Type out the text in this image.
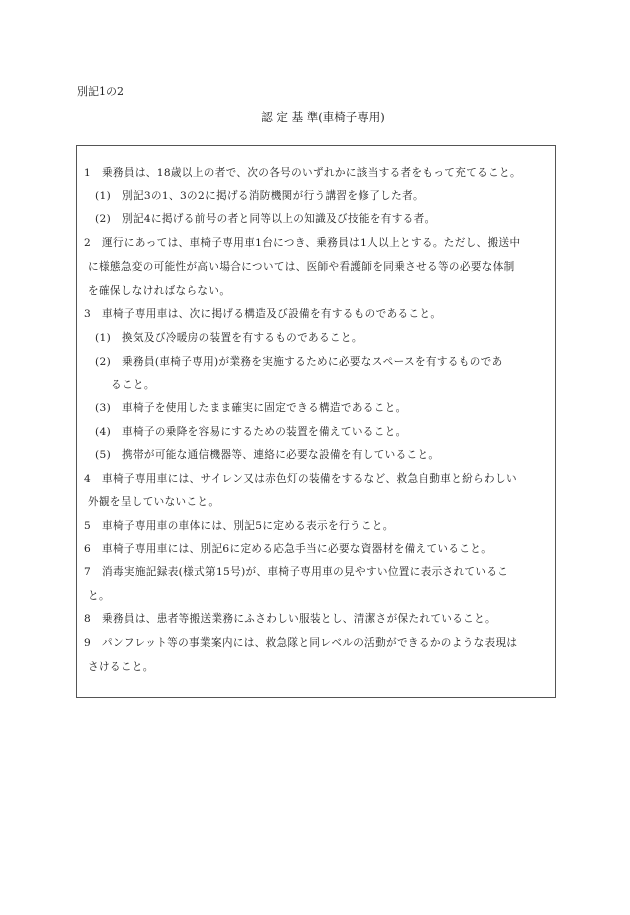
別記1の2
認 定 基 準(車椅子専用)
1　乗務員は、18歳以上の者で、次の各号のいずれかに該当する者をもって充てること。
(1)　別記3の1、3の2に掲げる消防機関が行う講習を修了した者。
(2)　別記4に掲げる前号の者と同等以上の知識及び技能を有する者。
2　運行にあっては、車椅子専用車1台につき、乗務員は1人以上とする。ただし、搬送中
に様態急変の可能性が高い場合については、医師や看護師を同乗させる等の必要な体制
を確保しなければならない。
3　車椅子専用車は、次に掲げる構造及び設備を有するものであること。
(1)　換気及び冷暖房の装置を有するものであること。
(2)　乗務員(車椅子専用)が業務を実施するために必要なスペースを有するものであ
ること。
(3)　車椅子を使用したまま確実に固定できる構造であること。
(4)　車椅子の乗降を容易にするための装置を備えていること。
(5)　携帯が可能な通信機器等、連絡に必要な設備を有していること。
4　車椅子専用車には、サイレン又は赤色灯の装備をするなど、救急自動車と紛らわしい
外観を呈していないこと。
5　車椅子専用車の車体には、別記5に定める表示を行うこと。
6　車椅子専用車には、別記6に定める応急手当に必要な資器材を備えていること。
7　消毒実施記録表(様式第15号)が、車椅子専用車の見やすい位置に表示されているこ
と。
8　乗務員は、患者等搬送業務にふさわしい服装とし、清潔さが保たれていること。
9　パンフレット等の事業案内には、救急隊と同レベルの活動ができるかのような表現は
さけること。
